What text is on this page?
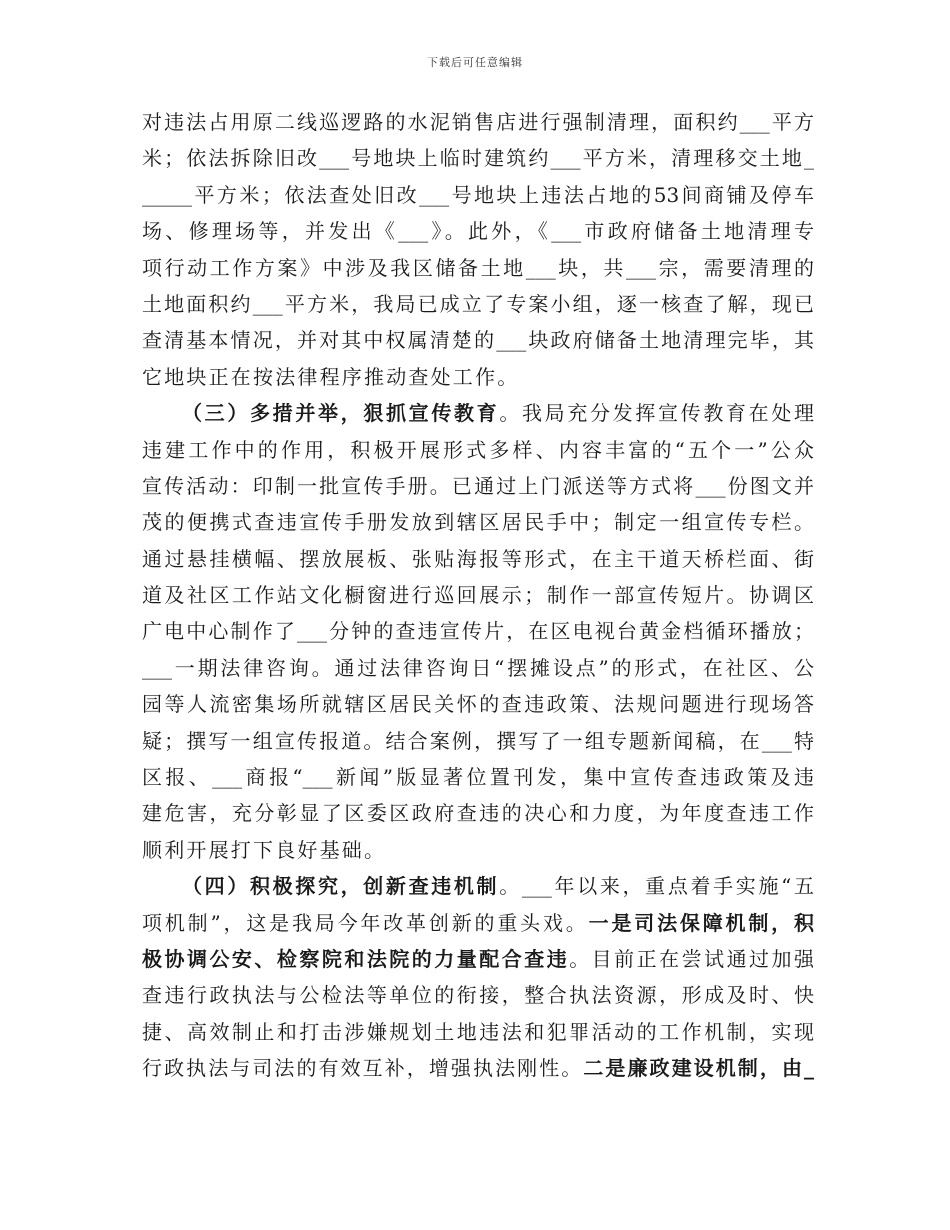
下载后可任意编辑
对违法占用原二线巡逻路的水泥销售店进行强制清理，面积约___平方
米；依法拆除旧改___号地块上临时建筑约___平方米，清理移交土地_
_____平方米；依法查处旧改___号地块上违法占地的53间商铺及停车
场、修理场等，并发出《___》。此外，《___市政府储备土地清理专
项行动工作方案》中涉及我区储备土地___块，共___宗，需要清理的
土地面积约___平方米，我局已成立了专案小组，逐一核查了解，现已
查清基本情况，并对其中权属清楚的___块政府储备土地清理完毕，其
它地块正在按法律程序推动查处工作。
（三）多措并举，狠抓宣传教育。我局充分发挥宣传教育在处理
违建工作中的作用，积极开展形式多样、内容丰富的“五个一”公众
宣传活动：印制一批宣传手册。已通过上门派送等方式将___份图文并
茂的便携式查违宣传手册发放到辖区居民手中；制定一组宣传专栏。
通过悬挂横幅、摆放展板、张贴海报等形式，在主干道天桥栏面、街
道及社区工作站文化橱窗进行巡回展示；制作一部宣传短片。协调区
广电中心制作了___分钟的查违宣传片，在区电视台黄金档循环播放；
___一期法律咨询。通过法律咨询日“摆摊设点”的形式，在社区、公
园等人流密集场所就辖区居民关怀的查违政策、法规问题进行现场答
疑；撰写一组宣传报道。结合案例，撰写了一组专题新闻稿，在___特
区报、___商报“___新闻”版显著位置刊发，集中宣传查违政策及违
建危害，充分彰显了区委区政府查违的决心和力度，为年度查违工作
顺利开展打下良好基础。
（四）积极探究，创新查违机制。___年以来，重点着手实施“五
项机制”，这是我局今年改革创新的重头戏。一是司法保障机制，积
极协调公安、检察院和法院的力量配合查违。目前正在尝试通过加强
查违行政执法与公检法等单位的衔接，整合执法资源，形成及时、快
捷、高效制止和打击涉嫌规划土地违法和犯罪活动的工作机制，实现
行政执法与司法的有效互补，增强执法刚性。二是廉政建设机制，由_
